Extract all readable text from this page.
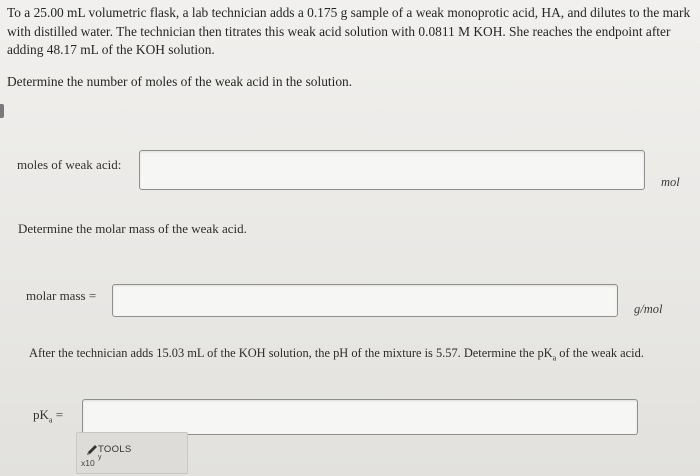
To a 25.00 mL volumetric flask, a lab technician adds a 0.175 g sample of a weak monoprotic acid, HA, and dilutes to the mark
with distilled water. The technician then titrates this weak acid solution with 0.0811 M KOH. She reaches the endpoint after
adding 48.17 mL of the KOH solution.
Determine the number of moles of the weak acid in the solution.
moles of weak acid:
mol
Determine the molar mass of the weak acid.
molar mass =
g/mol
After the technician adds 15.03 mL of the KOH solution, the pH of the mixture is 5.57. Determine the $pK_a$ of the weak acid.
$pK_a$ =
TOOLS
y
x10
